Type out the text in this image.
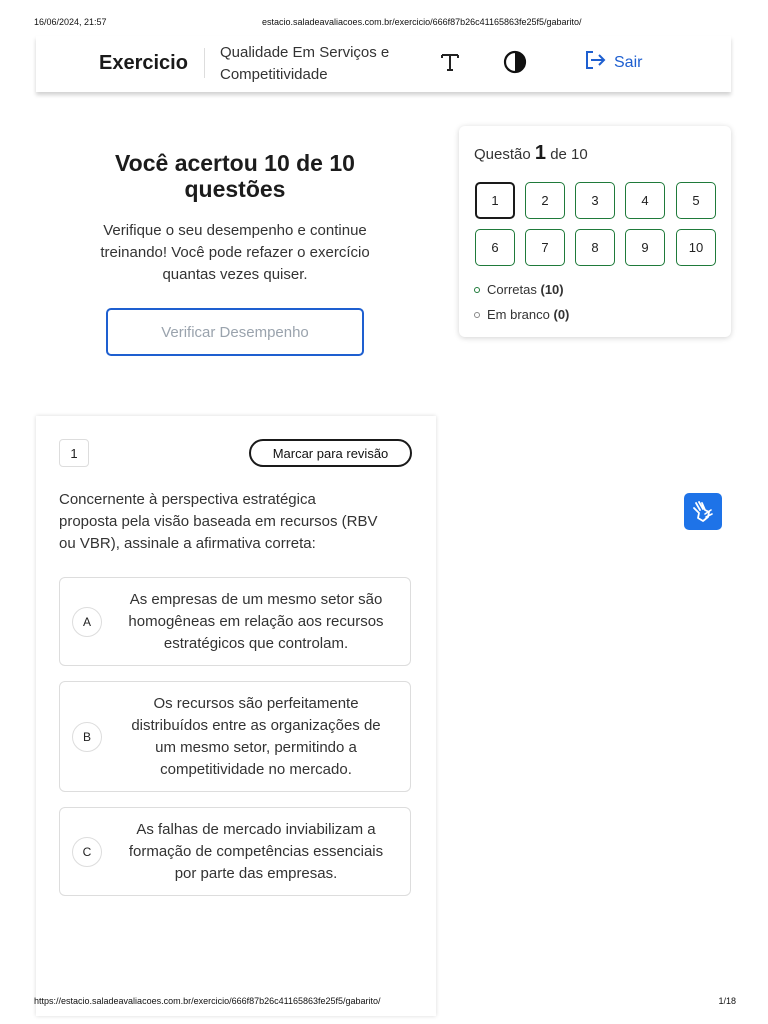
16/06/2024, 21:57	estacio.saladeavaliacoes.com.br/exercicio/666f87b26c41165863fe25f5/gabarito/
Exercicio Qualidade Em Serviços e
Competitividade
Sair
Você acertou 10 de 10
questões

Verifique o seu desempenho e continue
treinando! Você pode refazer o exercício
quantas vezes quiser.

Verificar Desempenho
Questão 1 de 10
1	2	3	4	5
6	7	8	9	10
Corretas (10)
Em branco (0)
1	Marcar para revisão
Concernente à perspectiva estratégica
proposta pela visão baseada em recursos (RBV
ou VBR), assinale a afirmativa correta:
A
As empresas de um mesmo setor são
homogêneas em relação aos recursos
estratégicos que controlam.
B
Os recursos são perfeitamente
distribuídos entre as organizações de
um mesmo setor, permitindo a
competitividade no mercado.
C
As falhas de mercado inviabilizam a
formação de competências essenciais
por parte das empresas.
https://estacio.saladeavaliacoes.com.br/exercicio/666f87b26c41165863fe25f5/gabarito/	1/18
